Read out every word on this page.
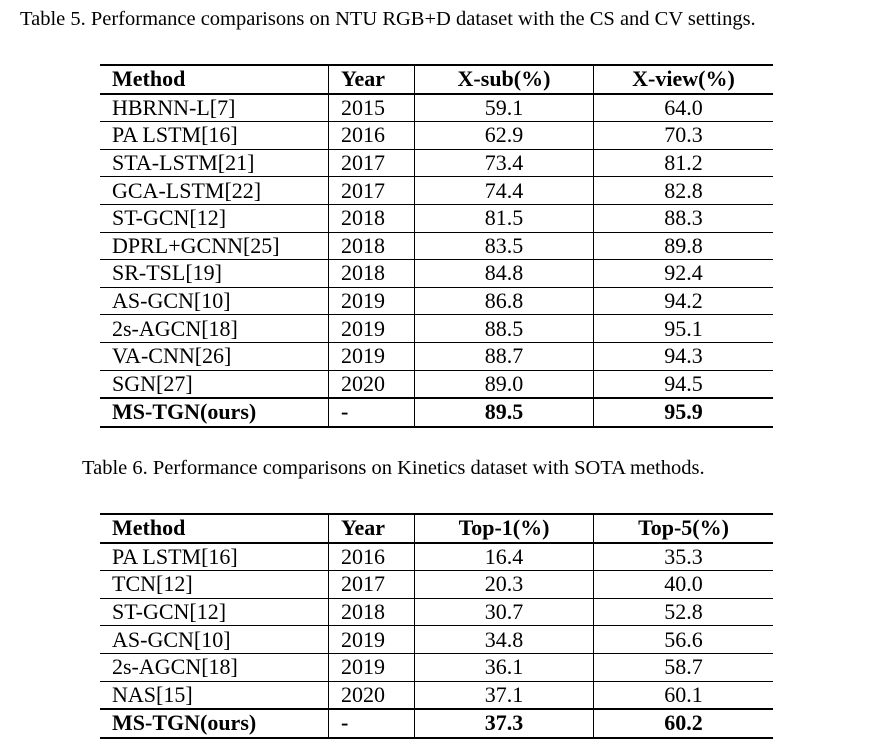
Table 5. Performance comparisons on NTU RGB+D dataset with the CS and CV settings.
Method	Year	X-sub(%)	X-view(%)
HBRNN-L[7]	2015	59.1	64.0
PA LSTM[16]	2016	62.9	70.3
STA-LSTM[21]	2017	73.4	81.2
GCA-LSTM[22]	2017	74.4	82.8
ST-GCN[12]	2018	81.5	88.3
DPRL+GCNN[25]	2018	83.5	89.8
SR-TSL[19]	2018	84.8	92.4
AS-GCN[10]	2019	86.8	94.2
2s-AGCN[18]	2019	88.5	95.1
VA-CNN[26]	2019	88.7	94.3
SGN[27]	2020	89.0	94.5
MS-TGN(ours)	-	89.5	95.9
Table 6. Performance comparisons on Kinetics dataset with SOTA methods.
Method	Year	Top-1(%)	Top-5(%)
PA LSTM[16]	2016	16.4	35.3
TCN[12]	2017	20.3	40.0
ST-GCN[12]	2018	30.7	52.8
AS-GCN[10]	2019	34.8	56.6
2s-AGCN[18]	2019	36.1	58.7
NAS[15]	2020	37.1	60.1
MS-TGN(ours)	-	37.3	60.2
